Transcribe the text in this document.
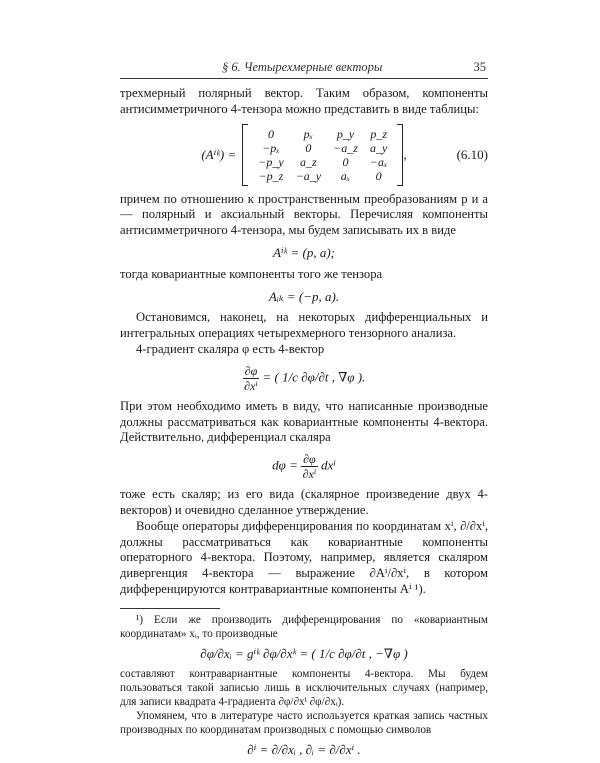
§ 6. Четырехмерные векторы	35

трехмерный полярный вектор. Таким образом, компоненты антисимметричного 4-тензора можно представить в виде таблицы:

(Aⁱᵏ) =
0	pₓ	p_y	p_z
−pₓ	0	−a_z	a_y
−p_y	a_z	0	−aₓ
−p_z	−a_y	aₓ	0
,	(6.10)

причем по отношению к пространственным преобразованиям p и a — полярный и аксиальный векторы. Перечисляя компоненты антисимметричного 4-тензора, мы будем записывать их в виде

Aⁱᵏ = (p, a);

тогда ковариантные компоненты того же тензора

Aᵢₖ = (−p, a).

Остановимся, наконец, на некоторых дифференциальных и интегральных операциях четырехмерного тензорного анализа.

4-градиент скаляра φ есть 4-вектор

$\frac{\partial\varphi}{\text{∂xⁱ}}$ = ( 1/c ∂φ/∂t , ∇φ ).

При этом необходимо иметь в виду, что написанные производные должны рассматриваться как ковариантные компоненты 4-вектора. Действительно, дифференциал скаляра

$d\varphi = \frac{\partial\varphi}{\text{∂xⁱ}}$ dxⁱ

тоже есть скаляр; из его вида (скалярное произведение двух 4-векторов) и очевидно сделанное утверждение.

Вообще операторы дифференцирования по координатам xⁱ, ∂/∂xⁱ, должны рассматриваться как ковариантные компоненты операторного 4-вектора. Поэтому, например, является скаляром дивергенция 4-вектора — выражение ∂Aⁱ/∂xⁱ, в котором дифференцируются контравариантные компоненты Aⁱ ¹).

¹) Если же производить дифференцирования по «ковариантным координатам» xᵢ, то производные

∂φ/∂xᵢ = gⁱᵏ ∂φ/∂xᵏ = ( 1/c ∂φ/∂t , −∇φ )

составляют контравариантные компоненты 4-вектора. Мы будем пользоваться такой записью лишь в исключительных случаях (например, для записи квадрата 4-градиента ∂φ/∂xⁱ ∂φ/∂xᵢ).

Упомянем, что в литературе часто используется краткая запись частных производных по координатам производных с помощью символов

∂ⁱ = ∂/∂xᵢ , ∂ᵢ = ∂/∂xⁱ .
